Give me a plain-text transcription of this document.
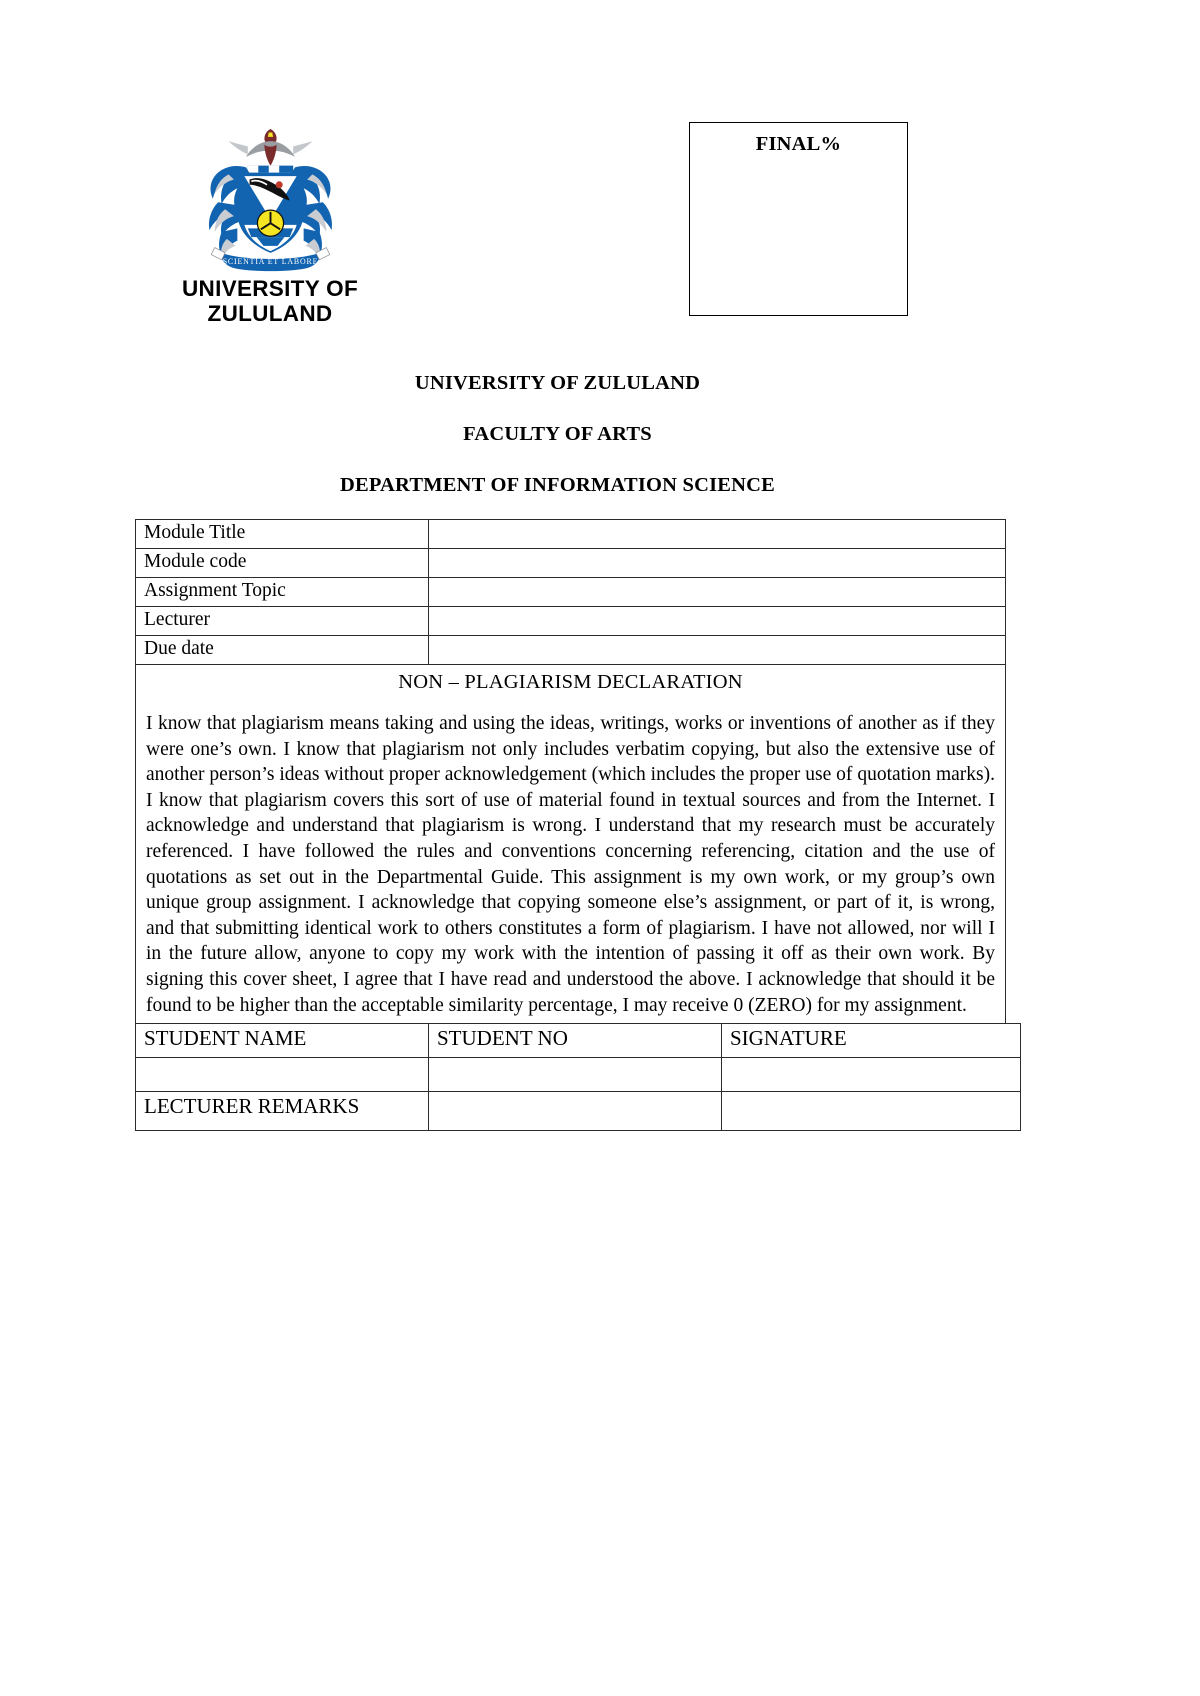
SCIENTIA ET LABORE
UNIVERSITY OF
ZULULAND
FINAL%
UNIVERSITY OF ZULULAND
FACULTY OF ARTS
DEPARTMENT OF INFORMATION SCIENCE
Module Title	
Module code	
Assignment Topic	
Lecturer	
Due date	

NON – PLAGIARISM DECLARATION
I know that plagiarism means taking and using the ideas, writings, works or inventions of another as if they were one’s own. I know that plagiarism not only includes verbatim copying, but also the extensive use of another person’s ideas without proper acknowledgement (which includes the proper use of quotation marks). I know that plagiarism covers this sort of use of material found in textual sources and from the Internet. I acknowledge and understand that plagiarism is wrong. I understand that my research must be accurately referenced. I have followed the rules and conventions concerning referencing, citation and the use of quotations as set out in the Departmental Guide. This assignment is my own work, or my group’s own unique group assignment. I acknowledge that copying someone else’s assignment, or part of it, is wrong, and that submitting identical work to others constitutes a form of plagiarism. I have not allowed, nor will I in the future allow, anyone to copy my work with the intention of passing it off as their own work. By signing this cover sheet, I agree that I have read and understood the above. I acknowledge that should it be found to be higher than the acceptable similarity percentage, I may receive 0 (ZERO) for my assignment.	
STUDENT NAME	STUDENT NO	SIGNATURE

LECTURER REMARKS		
